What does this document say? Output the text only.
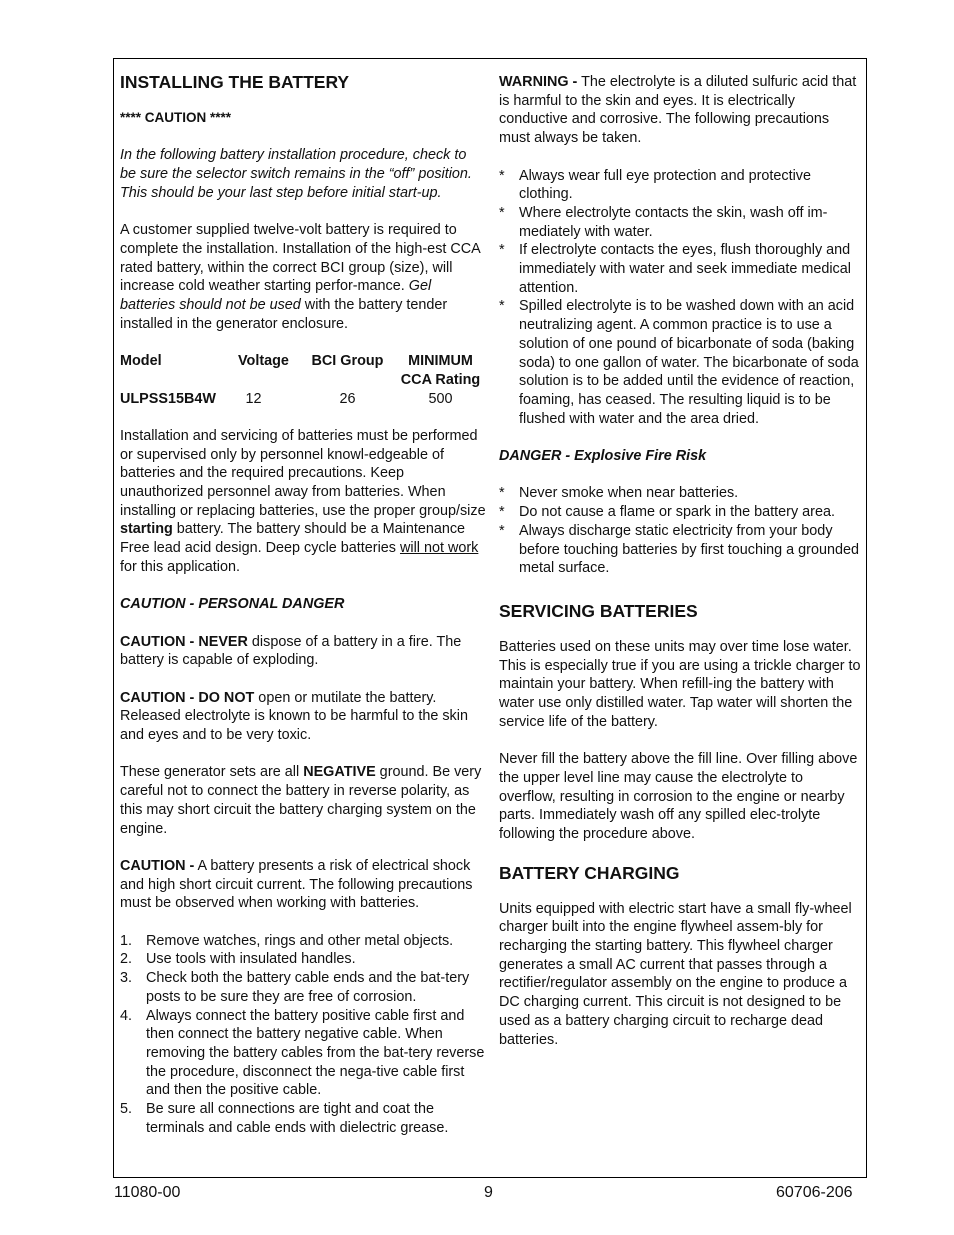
INSTALLING THE BATTERY

**** CAUTION ****

In the following battery installation procedure, check to be sure the selector switch remains in the “off” position. This should be your last step before initial start-up.

A customer supplied twelve-volt battery is required to complete the installation. Installation of the high-est CCA rated battery, within the correct BCI group (size), will increase cold weather starting perfor-mance. Gel batteries should not be used with the battery tender installed in the generator enclosure.

Model	Voltage	BCI Group	MINIMUM
CCA Rating
ULPSS15B4W	12	26	500

Installation and servicing of batteries must be performed or supervised only by personnel knowl-edgeable of batteries and the required precautions. Keep unauthorized personnel away from batteries. When installing or replacing batteries, use the proper group/size starting battery. The battery should be a Maintenance Free lead acid design. Deep cycle batteries will not work for this application.

CAUTION - PERSONAL DANGER

CAUTION - NEVER dispose of a battery in a fire. The battery is capable of exploding.

CAUTION - DO NOT open or mutilate the battery. Released electrolyte is known to be harmful to the skin and eyes and to be very toxic.

These generator sets are all NEGATIVE ground. Be very careful not to connect the battery in reverse polarity, as this may short circuit the battery charging system on the engine.

CAUTION - A battery presents a risk of electrical shock and high short circuit current. The following precautions must be observed when working with batteries.

1. Remove watches, rings and other metal objects.
2. Use tools with insulated handles.
3. Check both the battery cable ends and the bat-tery posts to be sure they are free of corrosion.
4. Always connect the battery positive cable first and then connect the battery negative cable. When removing the battery cables from the bat-tery reverse the procedure, disconnect the nega-tive cable first and then the positive cable.
5. Be sure all connections are tight and coat the terminals and cable ends with dielectric grease.

WARNING - The electrolyte is a diluted sulfuric acid that is harmful to the skin and eyes. It is electrically conductive and corrosive. The following precautions must always be taken.

* Always wear full eye protection and protective clothing.
* Where electrolyte contacts the skin, wash off im-mediately with water.
* If electrolyte contacts the eyes, flush thoroughly and immediately with water and seek immediate medical attention.
* Spilled electrolyte is to be washed down with an acid neutralizing agent. A common practice is to use a solution of one pound of bicarbonate of soda (baking soda) to one gallon of water. The bicarbonate of soda solution is to be added until the evidence of reaction, foaming, has ceased. The resulting liquid is to be flushed with water and the area dried.

DANGER - Explosive Fire Risk

* Never smoke when near batteries.
* Do not cause a flame or spark in the battery area.
* Always discharge static electricity from your body before touching batteries by first touching a grounded metal surface.
SERVICING BATTERIES

Batteries used on these units may over time lose water. This is especially true if you are using a trickle charger to maintain your battery. When refill-ing the battery with water use only distilled water. Tap water will shorten the service life of the battery.

Never fill the battery above the fill line. Over filling above the upper level line may cause the electrolyte to overflow, resulting in corrosion to the engine or nearby parts. Immediately wash off any spilled elec-trolyte following the procedure above.

BATTERY CHARGING

Units equipped with electric start have a small fly-wheel charger built into the engine flywheel assem-bly for recharging the starting battery. This flywheel charger generates a small AC current that passes through a rectifier/regulator assembly on the engine to produce a DC charging current. This circuit is not designed to be used as a battery charging circuit to recharge dead batteries.

11080-00	9	60706-206
